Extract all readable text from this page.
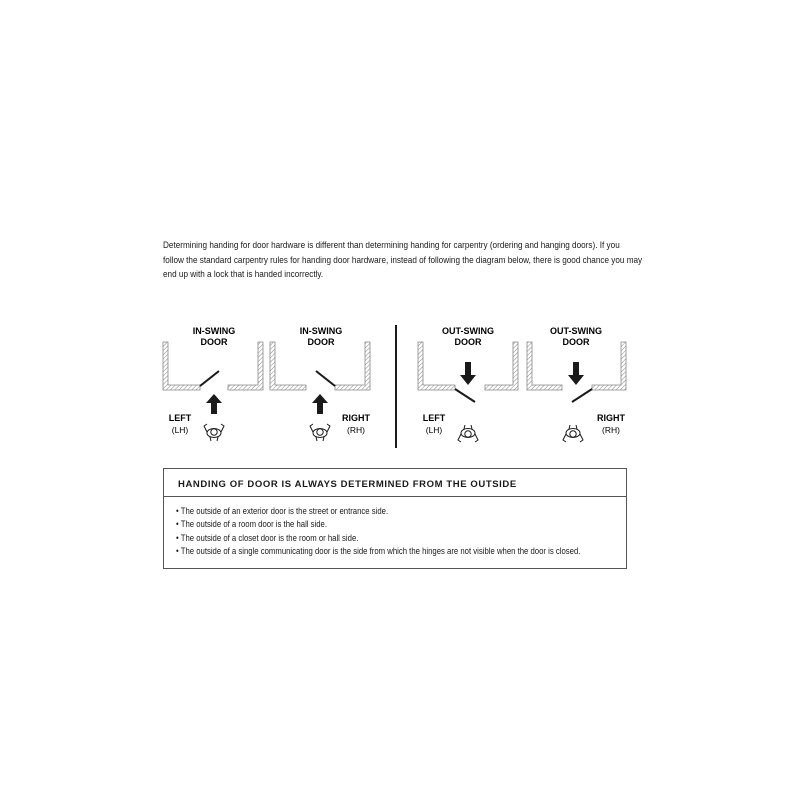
Determining handing for door hardware is different than determining handing for carpentry (ordering and hanging doors). If you
follow the standard carpentry rules for handing door hardware, instead of following the diagram below, there is good chance you may
end up with a lock that is handed incorrectly.
IN-SWING
DOOR
LEFT
(LH)
IN-SWING
DOOR
RIGHT
(RH)
OUT-SWING
DOOR
LEFT
(LH)
OUT-SWING
DOOR
RIGHT
(RH)
HANDING OF DOOR IS ALWAYS DETERMINED FROM THE OUTSIDE
• The outside of an exterior door is the street or entrance side.
• The outside of a room door is the hall side.
• The outside of a closet door is the room or hall side.
• The outside of a single communicating door is the side from which the hinges are not visible when the door is closed.
